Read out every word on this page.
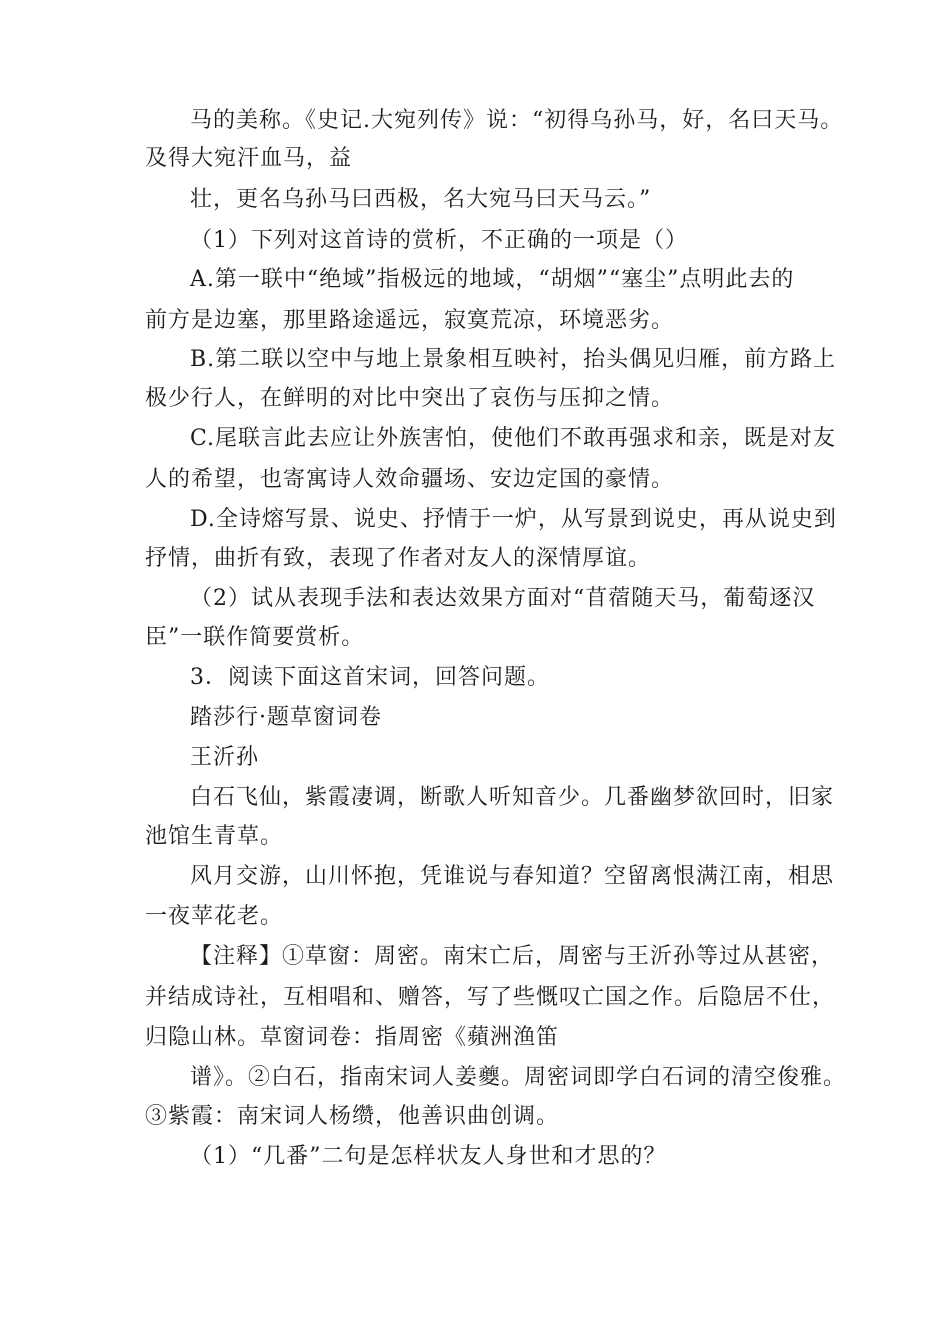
马的美称。《史记.大宛列传》说：“初得乌孙马，好，名曰天马。
及得大宛汗血马，益
壮，更名乌孙马曰西极，名大宛马曰天马云。”
（1）下列对这首诗的赏析，不正确的一项是（）
A.第一联中“绝域”指极远的地域，“胡烟”“塞尘”点明此去的
前方是边塞，那里路途遥远，寂寞荒凉，环境恶劣。
B.第二联以空中与地上景象相互映衬，抬头偶见归雁，前方路上
极少行人，在鲜明的对比中突出了哀伤与压抑之情。
C.尾联言此去应让外族害怕，使他们不敢再强求和亲，既是对友
人的希望，也寄寓诗人效命疆场、安边定国的豪情。
D.全诗熔写景、说史、抒情于一炉，从写景到说史，再从说史到
抒情，曲折有致，表现了作者对友人的深情厚谊。
（2）试从表现手法和表达效果方面对“苜蓿随天马，葡萄逐汉
臣”一联作简要赏析。
3．阅读下面这首宋词，回答问题。
踏莎行·题草窗词卷
王沂孙
白石飞仙，紫霞凄调，断歌人听知音少。几番幽梦欲回时，旧家
池馆生青草。
风月交游，山川怀抱，凭谁说与春知道？空留离恨满江南，相思
一夜苹花老。
【注释】①草窗：周密。南宋亡后，周密与王沂孙等过从甚密，
并结成诗社，互相唱和、赠答，写了些慨叹亡国之作。后隐居不仕，
归隐山林。草窗词卷：指周密《蘋洲渔笛
谱》。②白石，指南宋词人姜夔。周密词即学白石词的清空俊雅。
③紫霞：南宋词人杨缵，他善识曲创调。
（1）“几番”二句是怎样状友人身世和才思的？
